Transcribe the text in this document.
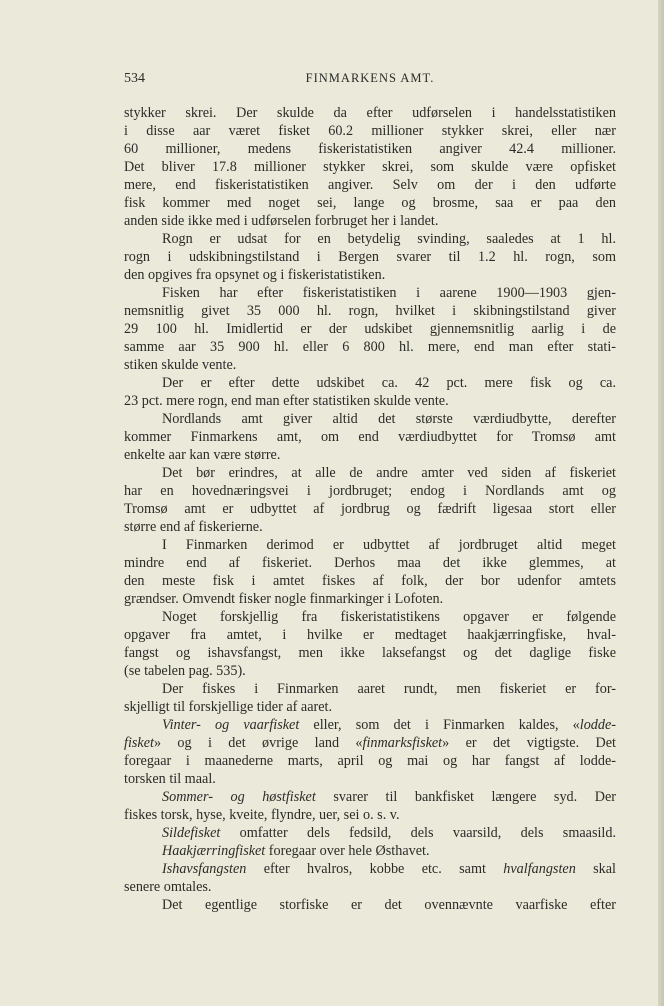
534	FINMARKENS AMT.
stykker skrei. Der skulde da efter udførselen i handelsstatistiken
i disse aar været fisket 60.2 millioner stykker skrei, eller nær
60 millioner, medens fiskeristatistiken angiver 42.4 millioner.
Det bliver 17.8 millioner stykker skrei, som skulde være opfisket
mere, end fiskeristatistiken angiver. Selv om der i den udførte
fisk kommer med noget sei, lange og brosme, saa er paa den
anden side ikke med i udførselen forbruget her i landet.
Rogn er udsat for en betydelig svinding, saaledes at 1 hl.
rogn i udskibningstilstand i Bergen svarer til 1.2 hl. rogn, som
den opgives fra opsynet og i fiskeristatistiken.
Fisken har efter fiskeristatistiken i aarene 1900—1903 gjen-
nemsnitlig givet 35 000 hl. rogn, hvilket i skibningstilstand giver
29 100 hl. Imidlertid er der udskibet gjennemsnitlig aarlig i de
samme aar 35 900 hl. eller 6 800 hl. mere, end man efter stati-
stiken skulde vente.
Der er efter dette udskibet ca. 42 pct. mere fisk og ca.
23 pct. mere rogn, end man efter statistiken skulde vente.
Nordlands amt giver altid det største værdiudbytte, derefter
kommer Finmarkens amt, om end værdiudbyttet for Tromsø amt
enkelte aar kan være større.
Det bør erindres, at alle de andre amter ved siden af fiskeriet
har en hovednæringsvei i jordbruget; endog i Nordlands amt og
Tromsø amt er udbyttet af jordbrug og fædrift ligesaa stort eller
større end af fiskerierne.
I Finmarken derimod er udbyttet af jordbruget altid meget
mindre end af fiskeriet. Derhos maa det ikke glemmes, at
den meste fisk i amtet fiskes af folk, der bor udenfor amtets
grændser. Omvendt fisker nogle finmarkinger i Lofoten.
Noget forskjellig fra fiskeristatistikens opgaver er følgende
opgaver fra amtet, i hvilke er medtaget haakjærringfiske, hval-
fangst og ishavsfangst, men ikke laksefangst og det daglige fiske
(se tabelen pag. 535).
Der fiskes i Finmarken aaret rundt, men fiskeriet er for-
skjelligt til forskjellige tider af aaret.
Vinter- og vaarfisket eller, som det i Finmarken kaldes, «lodde-
fisket» og i det øvrige land «finmarksfisket» er det vigtigste. Det
foregaar i maanederne marts, april og mai og har fangst af lodde-
torsken til maal.
Sommer- og høstfisket svarer til bankfisket længere syd. Der
fiskes torsk, hyse, kveite, flyndre, uer, sei o. s. v.
Sildefisket omfatter dels fedsild, dels vaarsild, dels smaasild.
Haakjærringfisket foregaar over hele Østhavet.
Ishavsfangsten efter hvalros, kobbe etc. samt hvalfangsten skal
senere omtales.
Det egentlige storfiske er det ovennævnte vaarfiske efter
